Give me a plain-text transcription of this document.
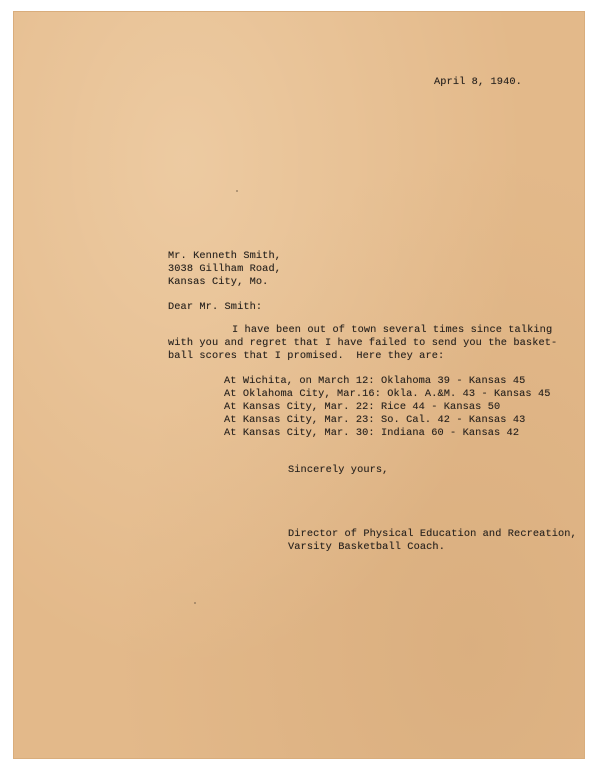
April 8, 1940.
Mr. Kenneth Smith,
3038 Gillham Road,
Kansas City, Mo.
Dear Mr. Smith:
I have been out of town several times since talking
with you and regret that I have failed to send you the basket-
ball scores that I promised.  Here they are:
At Wichita, on March 12: Oklahoma 39 - Kansas 45
At Oklahoma City, Mar.16: Okla. A.&M. 43 - Kansas 45
At Kansas City, Mar. 22: Rice 44 - Kansas 50
At Kansas City, Mar. 23: So. Cal. 42 - Kansas 43
At Kansas City, Mar. 30: Indiana 60 - Kansas 42
Sincerely yours,
Director of Physical Education and Recreation,
Varsity Basketball Coach.
